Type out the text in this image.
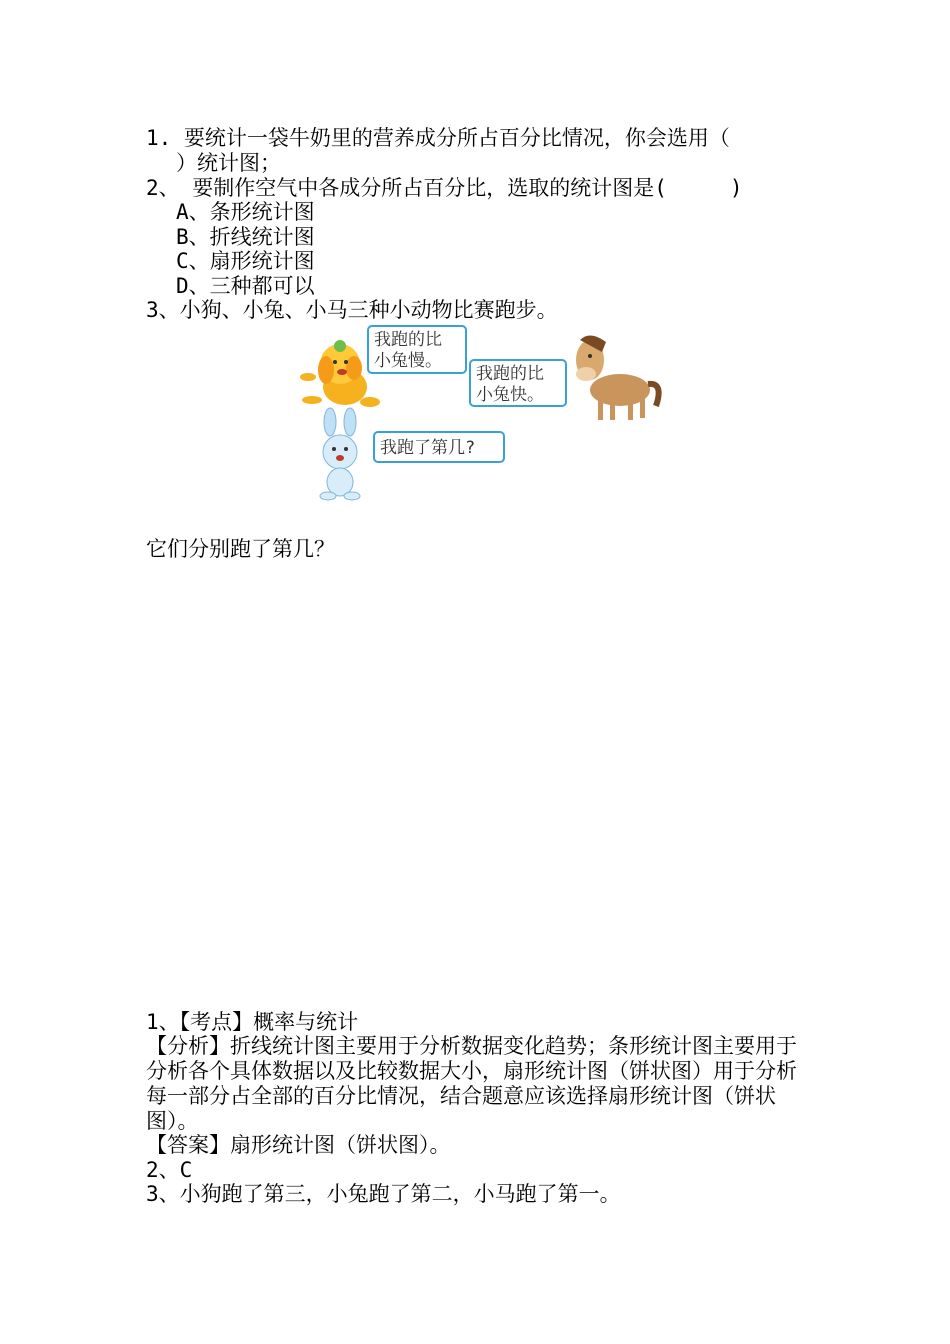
1. 要统计一袋牛奶里的营养成分所占百分比情况，你会选用（
）统计图；
2、 要制作空气中各成分所占百分比，选取的统计图是(　　　)
A、条形统计图
B、折线统计图
C、扇形统计图
D、三种都可以
3、小狗、小兔、小马三种小动物比赛跑步。
我跑的比
小兔慢。
我跑的比
小兔快。
我跑了第几?
它们分别跑了第几？
1、【考点】概率与统计
【分析】折线统计图主要用于分析数据变化趋势；条形统计图主要用于分析各个具体数据以及比较数据大小，扇形统计图（饼状图）用于分析每一部分占全部的百分比情况，结合题意应该选择扇形统计图（饼状图）。
【答案】扇形统计图（饼状图）。
2、C
3、小狗跑了第三，小兔跑了第二，小马跑了第一。
